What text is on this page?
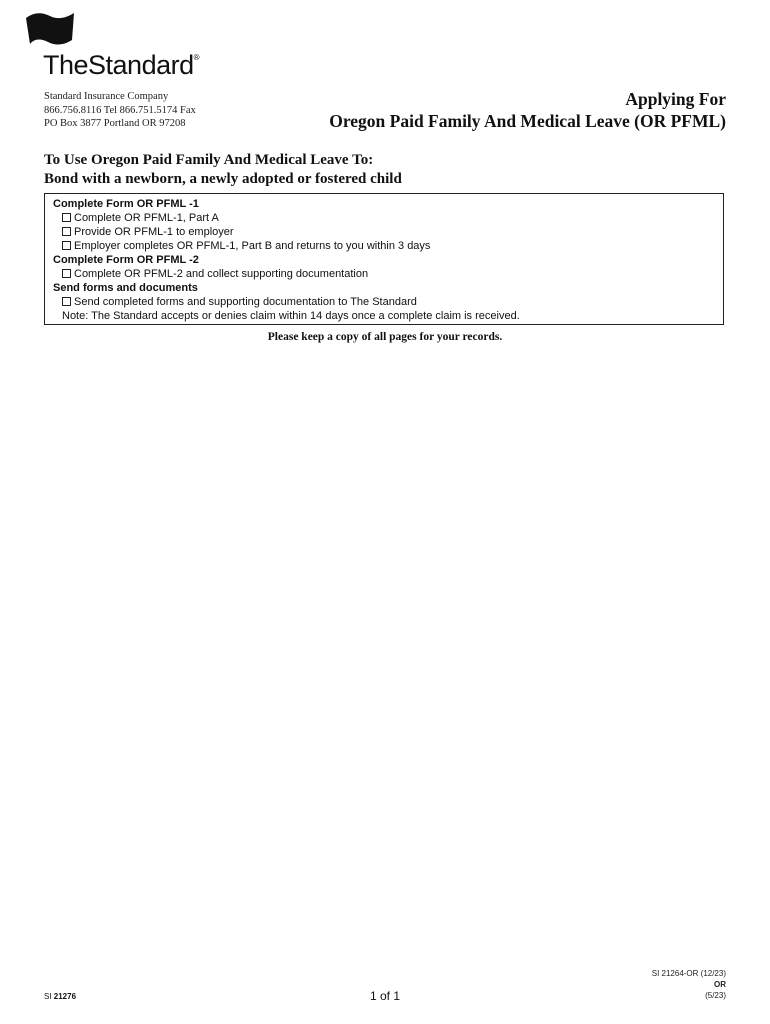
TheStandard®
Standard Insurance Company
866.756.8116 Tel 866.751.5174 Fax
PO Box 3877 Portland OR 97208
Applying For
Oregon Paid Family And Medical Leave (OR PFML)
To Use Oregon Paid Family And Medical Leave To:
Bond with a newborn, a newly adopted or fostered child
Complete Form OR PFML -1
Complete OR PFML-1, Part A
Provide OR PFML-1 to employer
Employer completes OR PFML-1, Part B and returns to you within 3 days
Complete Form OR PFML -2
Complete OR PFML-2 and collect supporting documentation
Send forms and documents
Send completed forms and supporting documentation to The Standard
Note: The Standard accepts or denies claim within 14 days once a complete claim is received.
Please keep a copy of all pages for your records.
SI 21276	1 of 1
SI 21264-OR (12/23)
OR
(5/23)
